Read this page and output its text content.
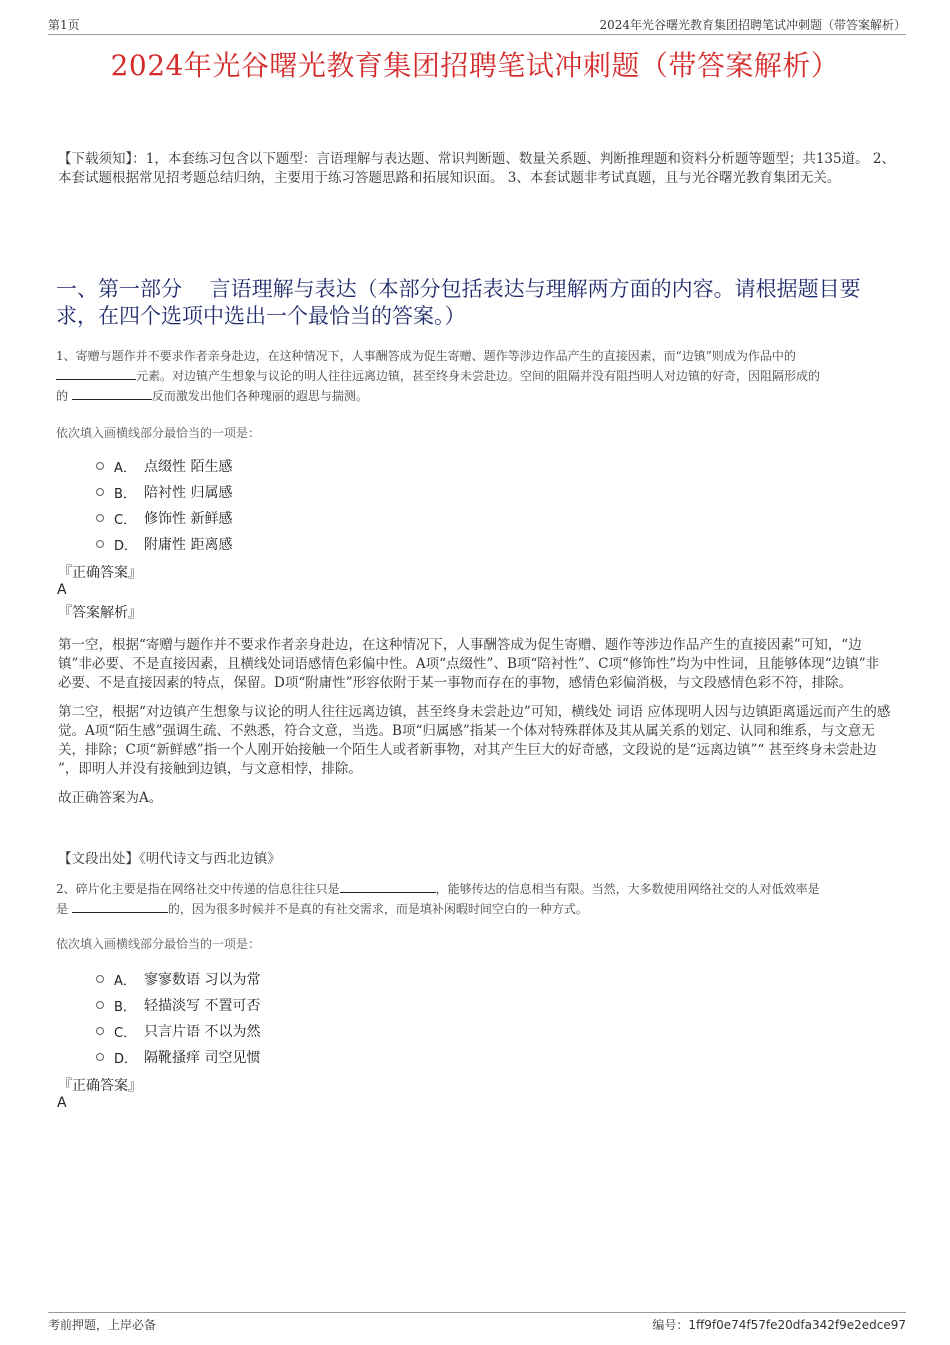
第1页	2024年光谷曙光教育集团招聘笔试冲刺题（带答案解析）
2024年光谷曙光教育集团招聘笔试冲刺题（带答案解析）
【下载须知】：1，本套练习包含以下题型：言语理解与表达题、常识判断题、数量关系题、判断推理题和资料分析题等题型；共135道。 2、本套试题根据常见招考题总结归纳，主要用于练习答题思路和拓展知识面。 3、本套试题非考试真题，且与光谷曙光教育集团无关。
一、第一部分　 言语理解与表达（本部分包括表达与理解两方面的内容。请根据题目要求，在四个选项中选出一个最恰当的答案。）
1、寄赠与题作并不要求作者亲身赴边，在这种情况下，人事酬答成为促生寄赠、题作等涉边作品产生的直接因素，而“边镇”则成为作品中的
元素。对边镇产生想象与议论的明人往往远离边镇，甚至终身未尝赴边。空间的阻隔并没有阻挡明人对边镇的好奇，因阻隔形成的
的	反而激发出他们各种瑰丽的遐思与揣测。
依次填入画横线部分最恰当的一项是：
A． 点缀性 陌生感
B． 陪衬性 归属感
C． 修饰性 新鲜感
D． 附庸性 距离感
『正确答案』
A
『答案解析』

第一空，根据“寄赠与题作并不要求作者亲身赴边，在这种情况下，人事酬答成为促生寄赠、题作等涉边作品产生的直接因素”可知，“边镇”非必要、不是直接因素，且横线处词语感情色彩偏中性。A项“点缀性”、B项“陪衬性”、C项“修饰性”均为中性词，且能够体现“边镇”非必要、不是直接因素的特点，保留。D项“附庸性”形容依附于某一事物而存在的事物，感情色彩偏消极，与文段感情色彩不符，排除。

第二空，根据“对边镇产生想象与议论的明人往往远离边镇，甚至终身未尝赴边”可知，横线处 词语 应体现明人因与边镇距离遥远而产生的感觉。A项“陌生感”强调生疏、不熟悉，符合文意，当选。B项“归属感”指某一个体对特殊群体及其从属关系的划定、认同和维系，与文意无关，排除；C项“新鲜感”指一个人刚开始接触一个陌生人或者新事物，对其产生巨大的好奇感，文段说的是“远离边镇”“ 甚至终身未尝赴边 ”，即明人并没有接触到边镇，与文意相悖，排除。

故正确答案为A。

【文段出处】《明代诗文与西北边镇》
2、碎片化主要是指在网络社交中传递的信息往往只是	，能够传达的信息相当有限。当然，大多数使用网络社交的人对低效率是
是	的，因为很多时候并不是真的有社交需求，而是填补闲暇时间空白的一种方式。
依次填入画横线部分最恰当的一项是：
A． 寥寥数语 习以为常
B． 轻描淡写 不置可否
C． 只言片语 不以为然
D． 隔靴搔痒 司空见惯
『正确答案』
A
考前押题，上岸必备	编号：1ff9f0e74f57fe20dfa342f9e2edce97
